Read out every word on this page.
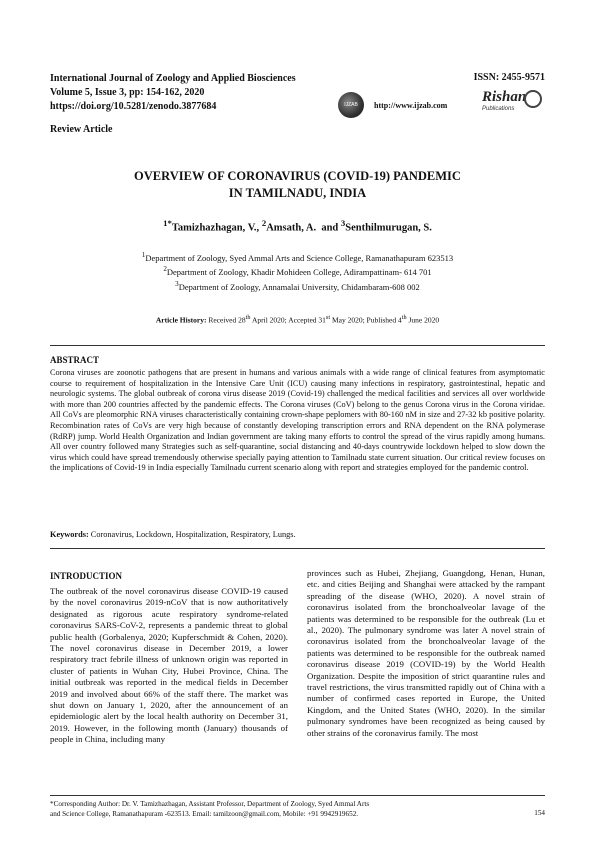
International Journal of Zoology and Applied Biosciences
Volume 5, Issue 3, pp: 154-162, 2020
https://doi.org/10.5281/zenodo.3877684
ISSN: 2455-9571
IJZAB http://www.ijzab.com
Rishan
Publications
Review Article
OVERVIEW OF CORONAVIRUS (COVID-19) PANDEMIC
IN TAMILNADU, INDIA
$^{1*}$Tamizhazhagan, V., $^2$Amsath, A.  and $^3$Senthilmurugan, S.
$^1$Department of Zoology, Syed Ammal Arts and Science College, Ramanathapuram 623513
$^2$Department of Zoology, Khadir Mohideen College, Adirampattinam- 614 701
$^3$Department of Zoology, Annamalai University, Chidambaram-608 002
Article History: Received 28th April 2020; Accepted 31st May 2020; Published 4th June 2020
ABSTRACT
Corona viruses are zoonotic pathogens that are present in humans and various animals with a wide range of clinical features from asymptomatic course to requirement of hospitalization in the Intensive Care Unit (ICU) causing many infections in respiratory, gastrointestinal, hepatic and neurologic systems. The global outbreak of corona virus disease 2019 (Covid-19) challenged the medical facilities and services all over worldwide with more than 200 countries affected by the pandemic effects. The Corona viruses (CoV) belong to the genus Corona virus in the Corona viridae. All CoVs are pleomorphic RNA viruses characteristically containing crown-shape peplomers with 80-160 nM in size and 27-32 kb positive polarity. Recombination rates of CoVs are very high because of constantly developing transcription errors and RNA dependent on the RNA polymerase (RdRP) jump. World Health Organization and Indian government are taking many efforts to control the spread of the virus rapidly among humans. All over country followed many Strategies such as self-quarantine, social distancing and 40-days countrywide lockdown helped to slow down the virus which could have spread tremendously otherwise specially paying attention to Tamilnadu state current situation. Our critical review focuses on the implications of Covid-19 in India especially Tamilnadu current scenario along with report and strategies employed for the pandemic control.
Keywords: Coronavirus, Lockdown, Hospitalization, Respiratory, Lungs.
INTRODUCTION
The outbreak of the novel coronavirus disease COVID-19 caused by the novel coronavirus 2019-nCoV that is now authoritatively designated as rigorous acute respiratory syndrome-related coronavirus SARS-CoV-2, represents a pandemic threat to global public health (Gorbalenya, 2020; Kupferschmidt & Cohen, 2020). The novel coronavirus disease in December 2019, a lower respiratory tract febrile illness of unknown origin was reported in cluster of patients in Wuhan City, Hubei Province, China. The initial outbreak was reported in the medical fields in December 2019 and involved about 66% of the staff there. The market was shut down on January 1, 2020, after the announcement of an epidemiologic alert by the local health authority on December 31, 2019. However, in the following month (January) thousands of people in China, including many
provinces such as Hubei, Zhejiang, Guangdong, Henan, Hunan, etc. and cities Beijing and Shanghai were attacked by the rampant spreading of the disease (WHO, 2020). A novel strain of coronavirus isolated from the bronchoalveolar lavage of the patients was determined to be responsible for the outbreak (Lu et al., 2020). The pulmonary syndrome was later A novel strain of coronavirus isolated from the bronchoalveolar lavage of the patients was determined to be responsible for the outbreak named coronavirus disease 2019 (COVID-19) by the World Health Organization. Despite the imposition of strict quarantine rules and travel restrictions, the virus transmitted rapidly out of China with a number of confirmed cases reported in Europe, the United Kingdom, and the United States (WHO, 2020). In the similar pulmonary syndromes have been recognized as being caused by other strains of the coronavirus family. The most
*Corresponding Author: Dr. V. Tamizhazhagan, Assistant Professor, Department of Zoology, Syed Ammal Arts
and Science College, Ramanathapuram -623513. Email: tamilzoon@gmail.com, Mobile: +91 9942919652.	154
